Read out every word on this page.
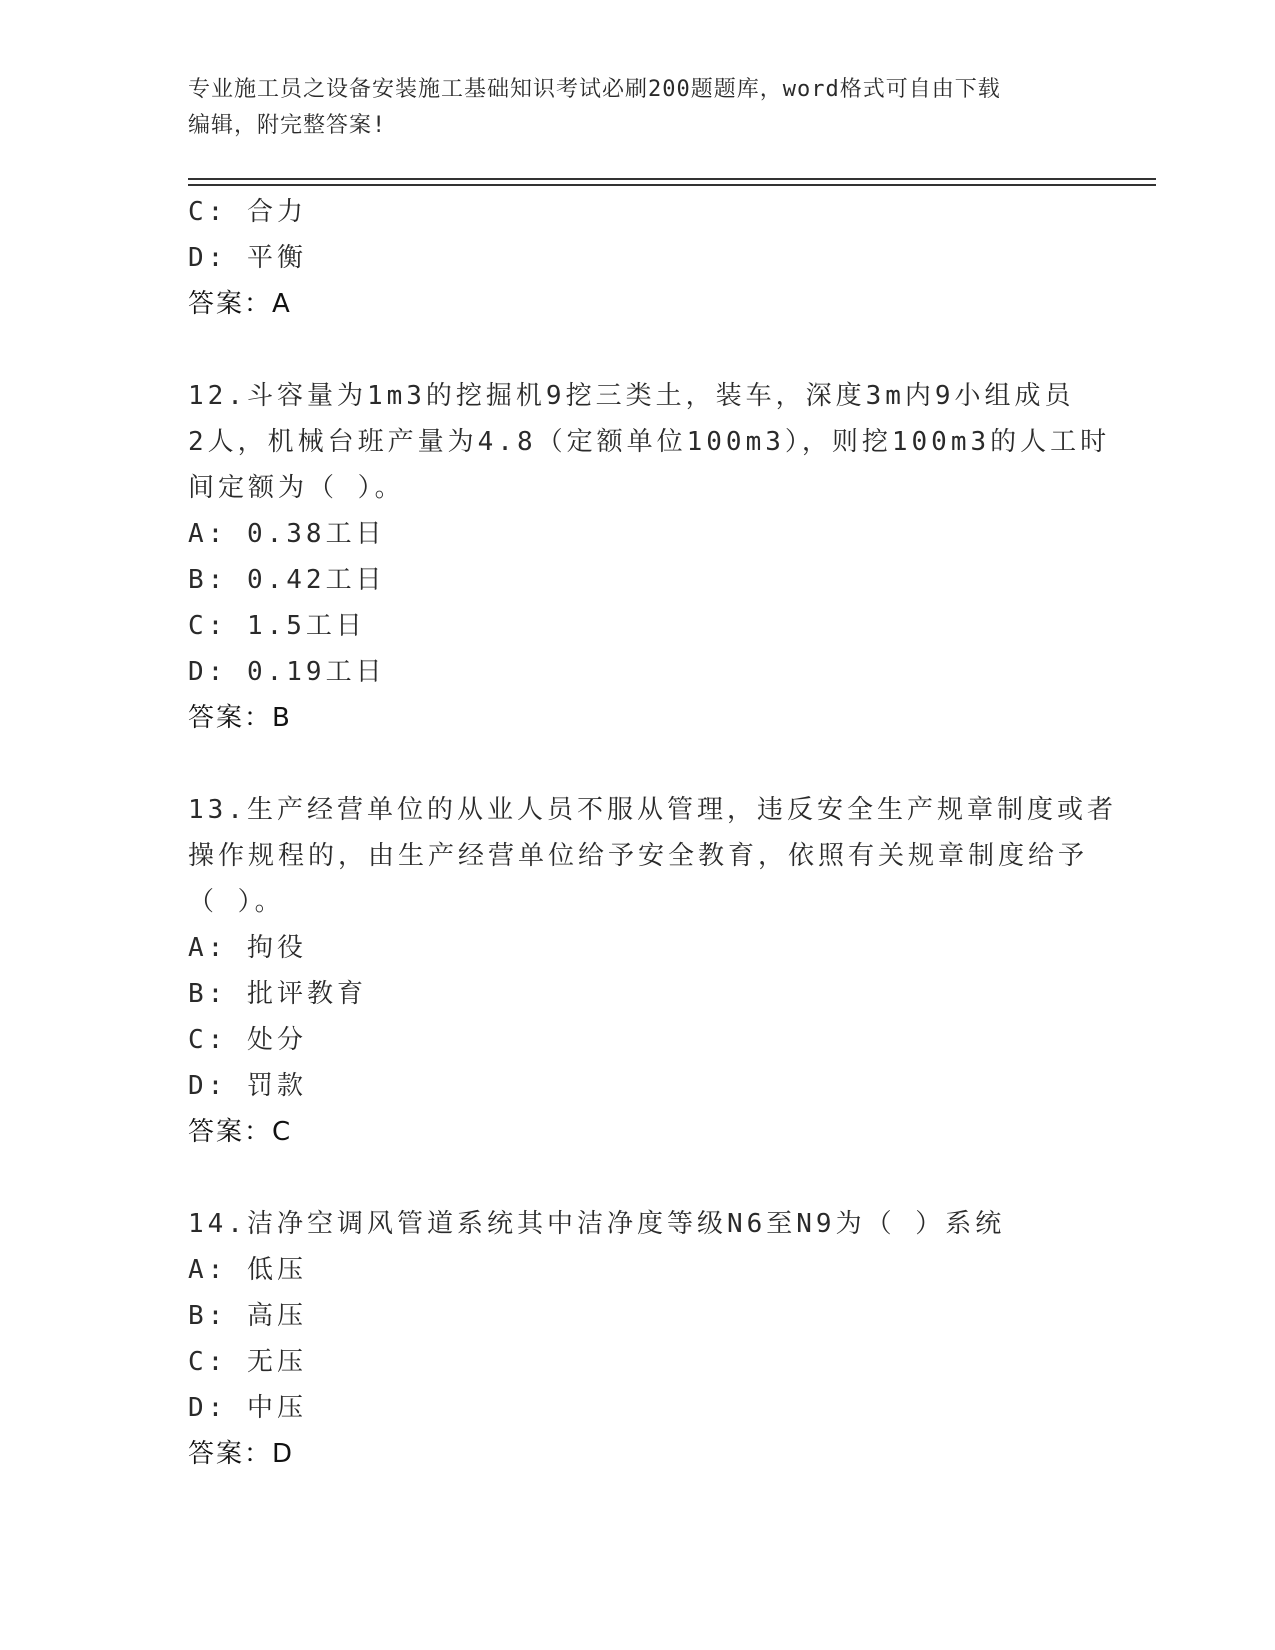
专业施工员之设备安装施工基础知识考试必刷200题题库，word格式可自由下载
编辑，附完整答案!
C: 合力
D: 平衡
答案：A
12.斗容量为1m3的挖掘机9挖三类土，装车，深度3m内9小组成员
2人，机械台班产量为4.8（定额单位100m3），则挖100m3的人工时
间定额为（ ）。
A: 0.38工日
B: 0.42工日
C: 1.5工日
D: 0.19工日
答案：B
13.生产经营单位的从业人员不服从管理，违反安全生产规章制度或者
操作规程的，由生产经营单位给予安全教育，依照有关规章制度给予
（ ）。
A: 拘役
B: 批评教育
C: 处分
D: 罚款
答案：C
14.洁净空调风管道系统其中洁净度等级N6至N9为（ ）系统
A: 低压
B: 高压
C: 无压
D: 中压
答案：D
